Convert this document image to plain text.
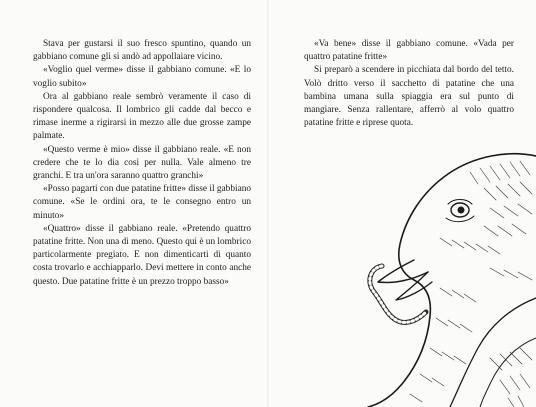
Stava per gustarsi il suo fresco spuntino, quando un gabbiano comune gli si andò ad appollaiare vicino.

«Voglio quel verme» disse il gabbiano comune. «E lo voglio subito»

Ora al gabbiano reale sembrò veramente il caso di rispondere qualcosa. Il lombrico gli cadde dal becco e rimase inerme a rigirarsi in mezzo alle due grosse zampe palmate.

«Questo verme è mio» disse il gabbiano reale. «E non credere che te lo dia così per nulla. Vale almeno tre granchi. E tra un'ora saranno quattro granchi»

«Posso pagarti con due patatine fritte» disse il gabbiano comune. «Se le ordini ora, te le consegno entro un minuto»

«Quattro» disse il gabbiano reale. «Pretendo quattro patatine fritte. Non una di meno. Questo qui è un lombrico particolarmente pregiato. E non dimenticarti di quanto costa trovarlo e acchiapparlo. Devi mettere in conto anche questo. Due patatine fritte è un prezzo troppo basso»

«Va bene» disse il gabbiano comune. «Vada per quattro patatine fritte»

Si preparò a scendere in picchiata dal bordo del tetto. Volò dritto verso il sacchetto di patatine che una bambina umana sulla spiaggia era sul punto di mangiare. Senza rallentare, afferrò al volo quattro patatine fritte e riprese quota.
